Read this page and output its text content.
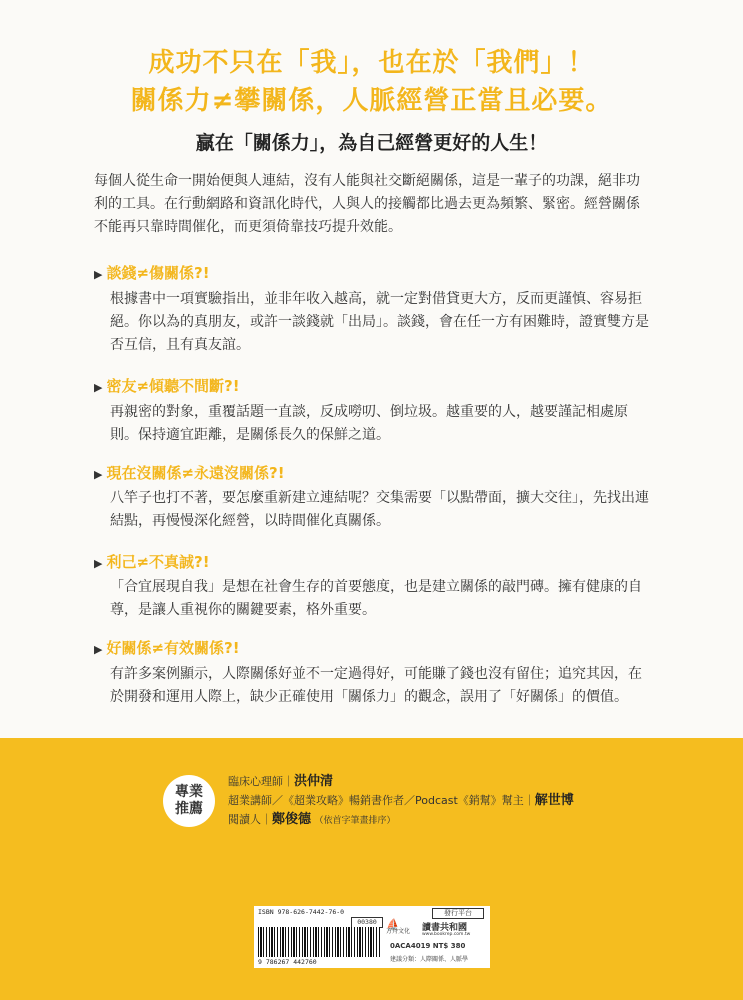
成功不只在「我」，也在於「我們」！
關係力≠攀關係，人脈經營正當且必要。
贏在「關係力」，為自己經營更好的人生！

每個人從生命一開始便與人連結，沒有人能與社交斷絕關係，這是一輩子的功課，絕非功利的工具。在行動網路和資訊化時代，人與人的接觸都比過去更為頻繁、緊密。經營關係不能再只靠時間催化，而更須倚靠技巧提升效能。

▶ 談錢≠傷關係?!

根據書中一項實驗指出，並非年收入越高，就一定對借貸更大方，反而更謹慎、容易拒絕。你以為的真朋友，或許一談錢就「出局」。談錢，會在任一方有困難時，證實雙方是否互信，且有真友誼。

▶ 密友≠傾聽不間斷?!

再親密的對象，重覆話題一直談，反成嘮叨、倒垃圾。越重要的人，越要謹記相處原則。保持適宜距離，是關係長久的保鮮之道。

▶ 現在沒關係≠永遠沒關係?!

八竿子也打不著，要怎麼重新建立連結呢？交集需要「以點帶面，擴大交往」，先找出連結點，再慢慢深化經營，以時間催化真關係。

▶ 利己≠不真誠?!

「合宜展現自我」是想在社會生存的首要態度，也是建立關係的敲門磚。擁有健康的自尊，是讓人重視你的關鍵要素，格外重要。

▶ 好關係≠有效關係?!

有許多案例顯示，人際關係好並不一定過得好，可能賺了錢也沒有留住；追究其因，在於開發和運用人際上，缺少正確使用「關係力」的觀念，誤用了「好關係」的價值。

專業
推薦
臨床心理師｜洪仲清
超業講師／《超業攻略》暢銷書作者／Podcast《銷幫》幫主｜解世博
閱讀人｜鄭俊德 （依首字筆畫排序）
ISBN 978-626-7442-76-0
00380
9 786267 442760
發行平台
⛵
方舟文化 讀書共和國
www.bookrep.com.tw
0ACA4019 NT$ 380
建議分類：人際關係、人脈學
